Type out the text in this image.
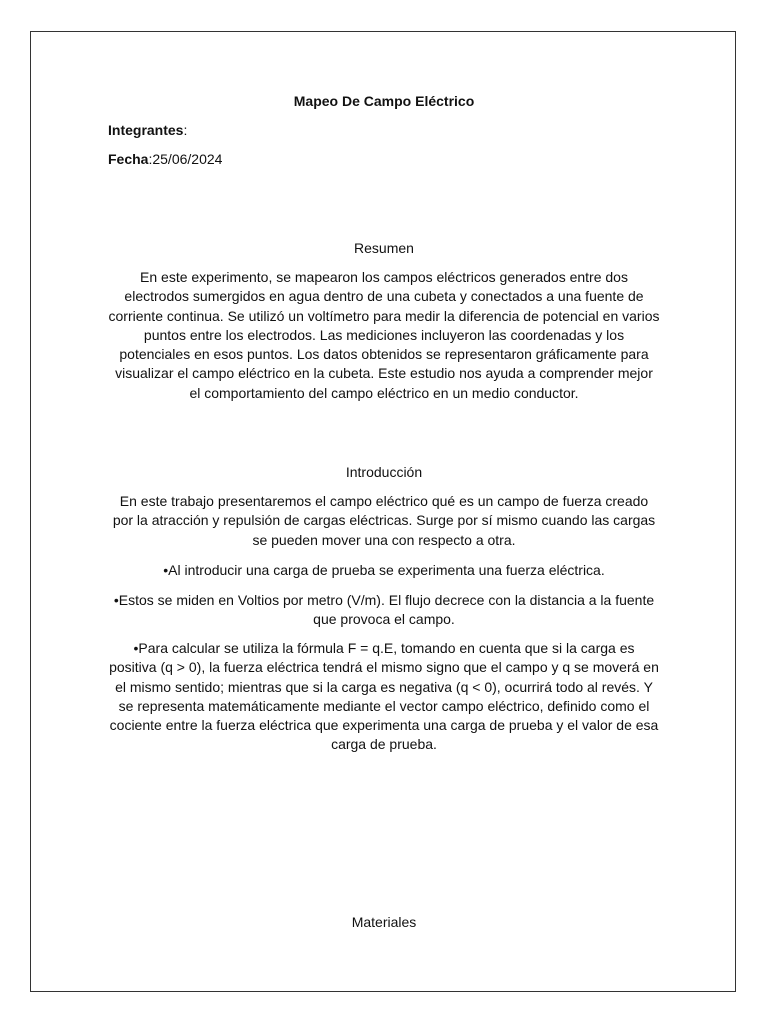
Mapeo De Campo Eléctrico
Integrantes:
Fecha:25/06/2024
Resumen

En este experimento, se mapearon los campos eléctricos generados entre dos electrodos sumergidos en agua dentro de una cubeta y conectados a una fuente de corriente continua. Se utilizó un voltímetro para medir la diferencia de potencial en varios puntos entre los electrodos. Las mediciones incluyeron las coordenadas y los potenciales en esos puntos. Los datos obtenidos se representaron gráficamente para visualizar el campo eléctrico en la cubeta. Este estudio nos ayuda a comprender mejor el comportamiento del campo eléctrico en un medio conductor.

Introducción

En este trabajo presentaremos el campo eléctrico qué es un campo de fuerza creado por la atracción y repulsión de cargas eléctricas. Surge por sí mismo cuando las cargas se pueden mover una con respecto a otra.

•Al introducir una carga de prueba se experimenta una fuerza eléctrica.

•Estos se miden en Voltios por metro (V/m). El flujo decrece con la distancia a la fuente que provoca el campo.

•Para calcular se utiliza la fórmula F = q.E, tomando en cuenta que si la carga es positiva (q > 0), la fuerza eléctrica tendrá el mismo signo que el campo y q se moverá en el mismo sentido; mientras que si la carga es negativa (q < 0), ocurrirá todo al revés. Y se representa matemáticamente mediante el vector campo eléctrico, definido como el cociente entre la fuerza eléctrica que experimenta una carga de prueba y el valor de esa carga de prueba.

Materiales
